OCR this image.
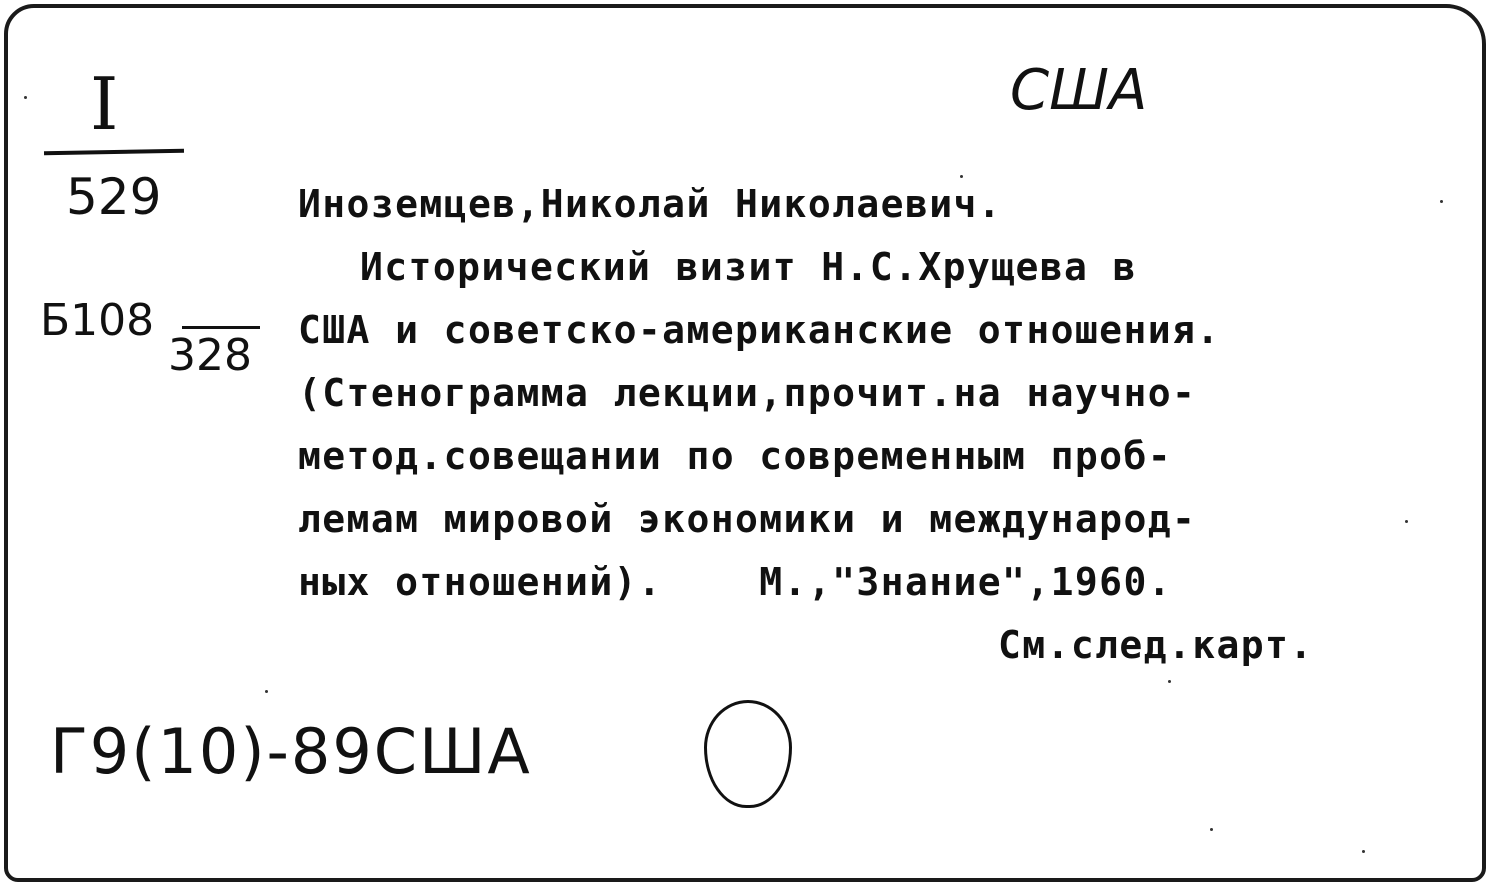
I
529
США
Б108
328
Иноземцев,Николай Николаевич.
Исторический визит Н.С.Хрущева в
США и советско-американские отношения.
(Стенограмма лекции,прочит.на научно-
метод.совещании по современным проб-
лемам мировой экономики и международ-
ных отношений).    М.,"Знание",1960.
См.след.карт.
Г9(10)-89США
